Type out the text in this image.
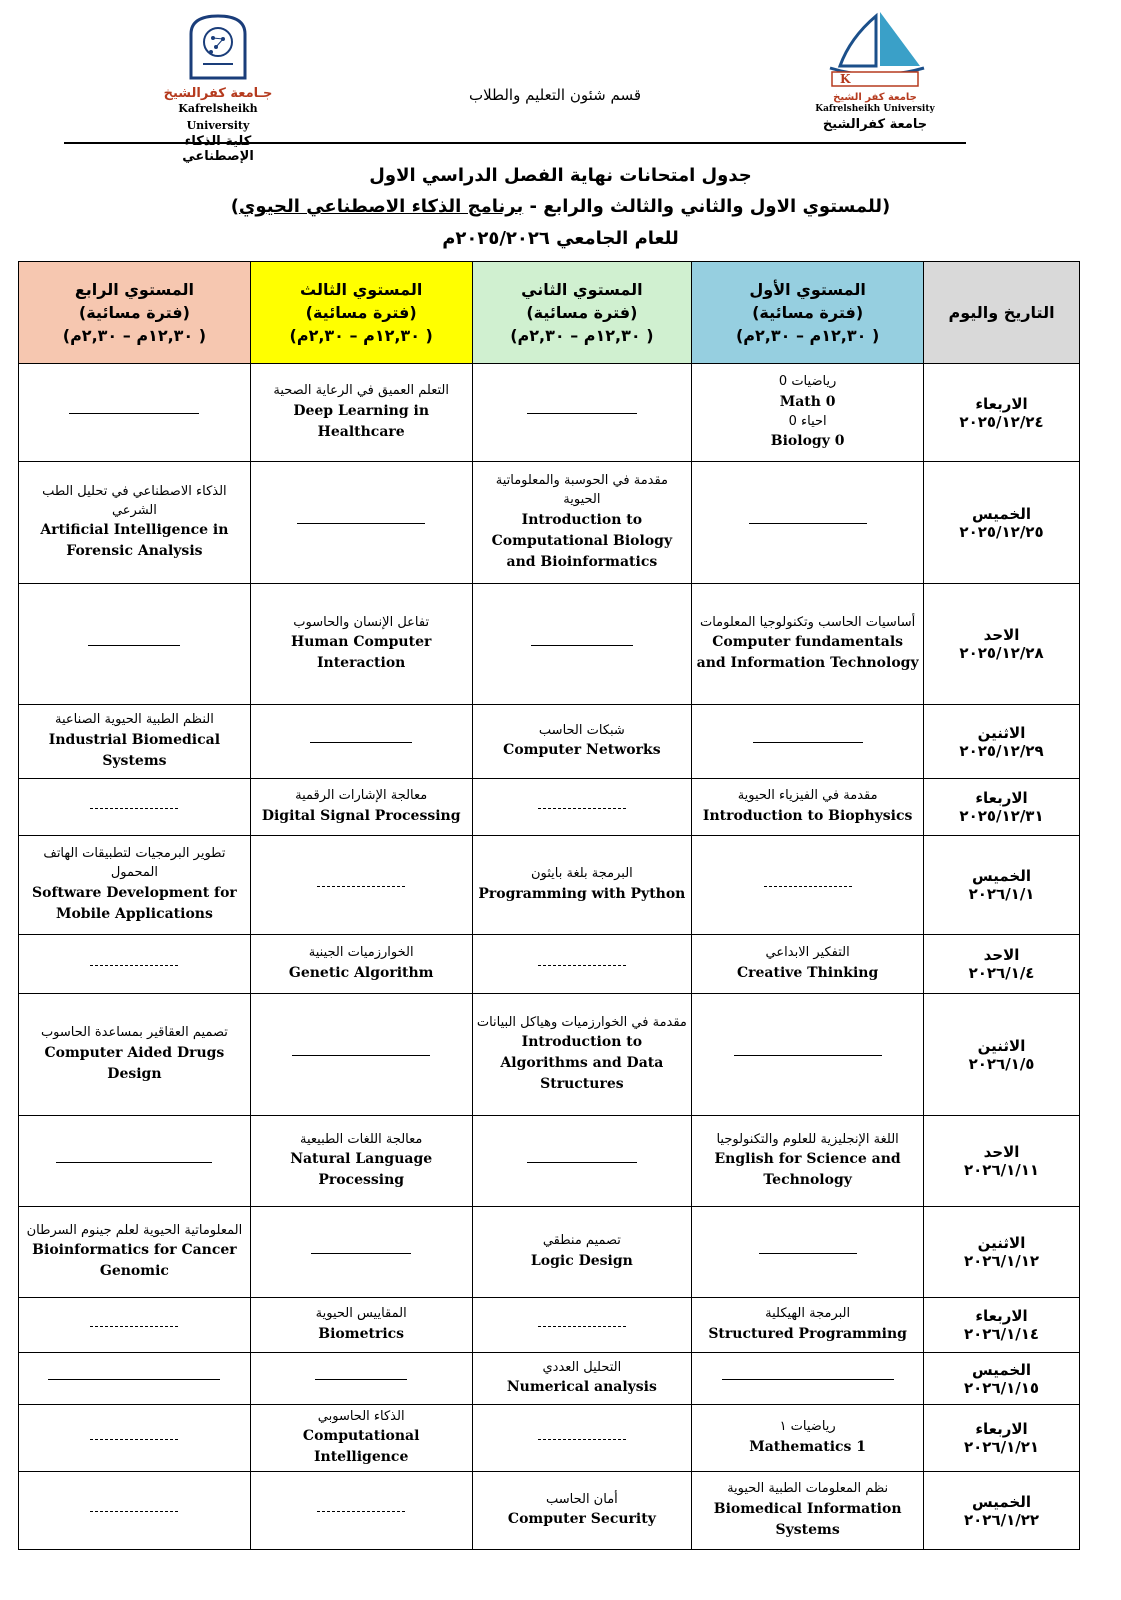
جـامعة كفرالشيخ
Kafrelsheikh University
الإصطناعي
قسم شئون التعليم والطلاب
K
جامعة كفر الشيخ
Kafrelsheikh University
جامعة كفرالشيخ
جدول امتحانات نهاية الفصل الدراسي الاول
(للمستوي الاول والثاني والثالث والرابع - برنامج الذكاء الاصطناعي الحيوي)
للعام الجامعي ٢٠٢٥/٢٠٢٦م
المستوي الرابع
(فترة مسائية)
( ١٢,٣٠م – ٢,٣٠م)	المستوي الثالث
(فترة مسائية)
( ١٢,٣٠م – ٢,٣٠م)	المستوي الثاني
(فترة مسائية)
( ١٢,٣٠م – ٢,٣٠م)	المستوي الأول
(فترة مسائية)
( ١٢,٣٠م – ٢,٣٠م)	التاريخ واليوم

	التعلم العميق في الرعاية الصحية
Deep Learning in Healthcare		رياضيات 0
Math 0
احياء 0
Biology 0	الاربعاء
٢٠٢٥/١٢/٢٤

الذكاء الاصطناعي في تحليل الطب الشرعي
Artificial Intelligence in Forensic Analysis		مقدمة في الحوسبة والمعلوماتية الحيوية
Introduction to Computational Biology and Bioinformatics		الخميس
٢٠٢٥/١٢/٢٥

	تفاعل الإنسان والحاسوب
Human Computer Interaction		أساسيات الحاسب وتكنولوجيا المعلومات
Computer fundamentals and Information Technology	الاحد
٢٠٢٥/١٢/٢٨

النظم الطبية الحيوية الصناعية
Industrial Biomedical Systems		شبكات الحاسب
Computer Networks		الاثنين
٢٠٢٥/١٢/٢٩

	معالجة الإشارات الرقمية
Digital Signal Processing		مقدمة في الفيزياء الحيوية
Introduction to Biophysics	الاربعاء
٢٠٢٥/١٢/٣١

تطوير البرمجيات لتطبيقات الهاتف المحمول
Software Development for Mobile Applications		البرمجة بلغة بايثون
Programming with Python		الخميس
٢٠٢٦/١/١

	الخوارزميات الجينية
Genetic Algorithm		التفكير الابداعي
Creative Thinking	الاحد
٢٠٢٦/١/٤

تصميم العقاقير بمساعدة الحاسوب
Computer Aided Drugs Design		مقدمة في الخوارزميات وهياكل البيانات
Introduction to Algorithms and Data Structures		الاثنين
٢٠٢٦/١/٥

	معالجة اللغات الطبيعية
Natural Language Processing		اللغة الإنجليزية للعلوم والتكنولوجيا
English for Science and Technology	الاحد
٢٠٢٦/١/١١

المعلوماتية الحيوية لعلم جينوم السرطان
Bioinformatics for Cancer Genomic		تصميم منطقي
Logic Design		الاثنين
٢٠٢٦/١/١٢

	المقاييس الحيوية
Biometrics		البرمجة الهيكلية
Structured Programming	الاربعاء
٢٠٢٦/١/١٤

		التحليل العددي
Numerical analysis		الخميس
٢٠٢٦/١/١٥

	الذكاء الحاسوبي
Computational Intelligence		رياضيات ١
Mathematics 1	الاربعاء
٢٠٢٦/١/٢١

		أمان الحاسب
Computer Security	نظم المعلومات الطبية الحيوية
Biomedical Information Systems	الخميس
٢٠٢٦/١/٢٢
